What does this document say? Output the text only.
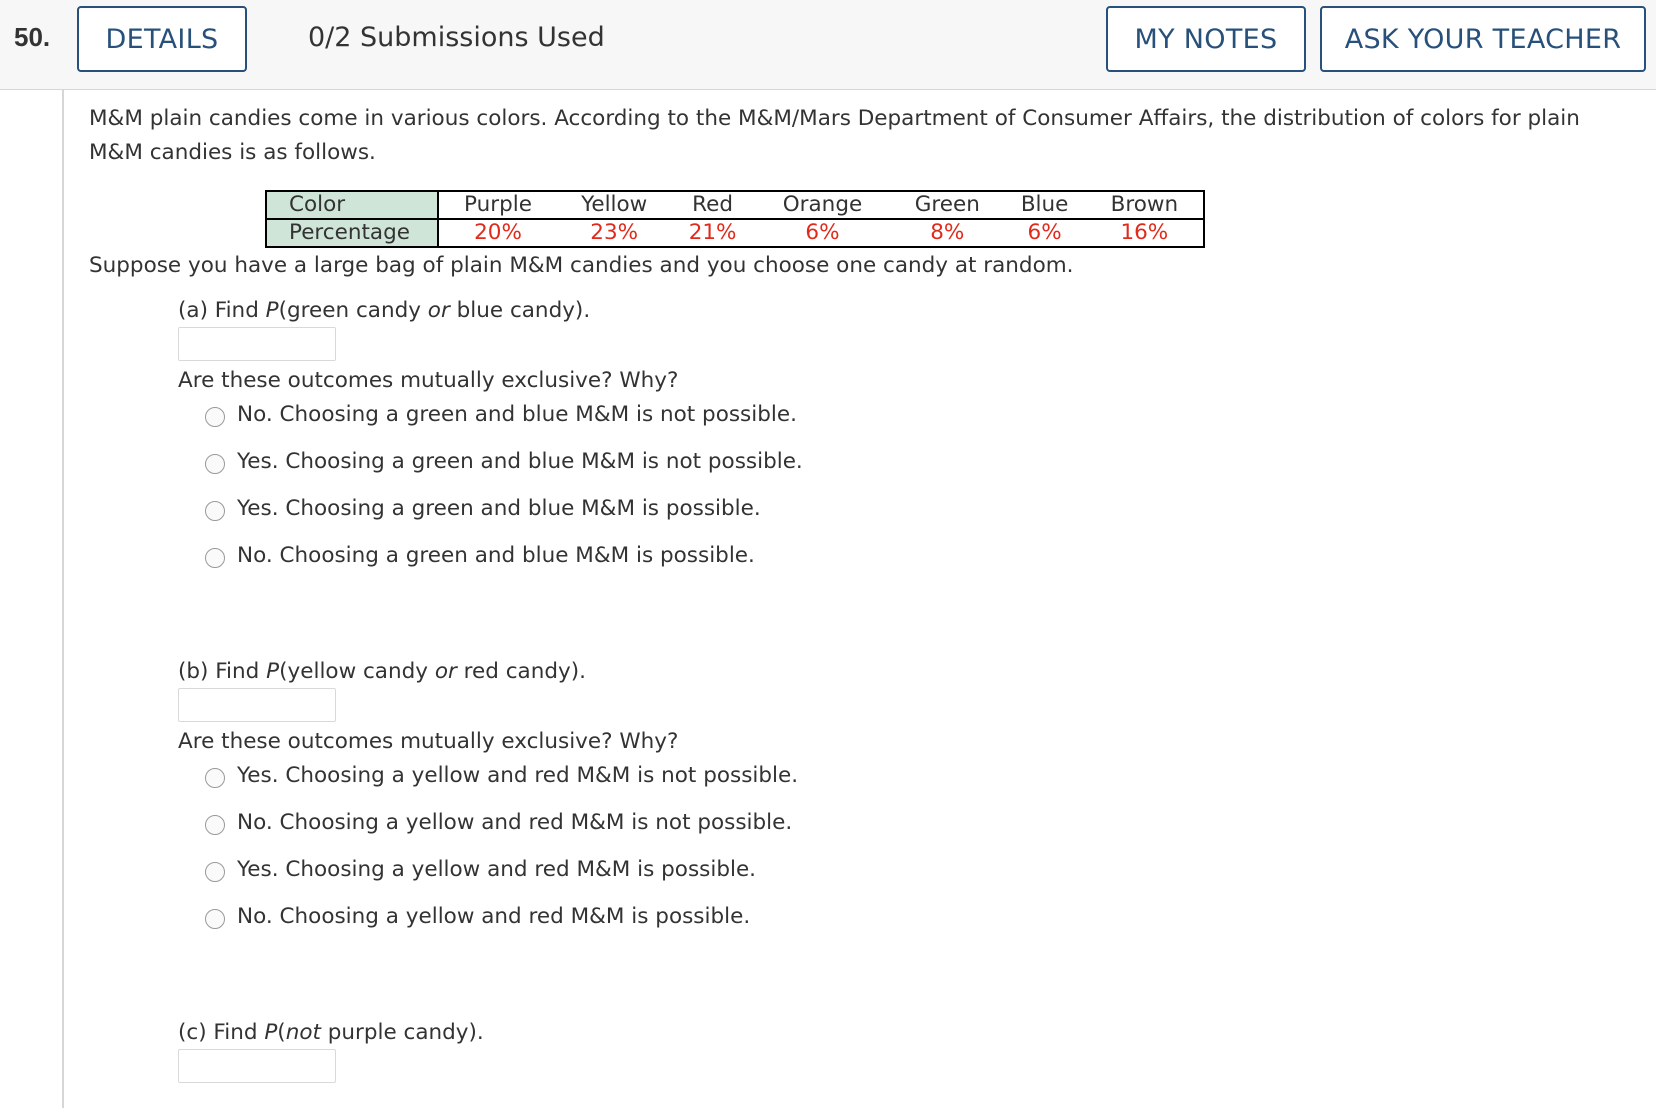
50.	DETAILS	0/2 Submissions Used	MY NOTES	ASK YOUR TEACHER
M&M plain candies come in various colors. According to the M&M/Mars Department of Consumer Affairs, the distribution of colors for plain M&M candies is as follows.
Color	Purple	Yellow	Red	Orange	Green	Blue	Brown
Percentage	20%	23%	21%	6%	8%	6%	16%
Suppose you have a large bag of plain M&M candies and you choose one candy at random.
(a) Find P(green candy or blue candy).
Are these outcomes mutually exclusive? Why?
No. Choosing a green and blue M&M is not possible.
Yes. Choosing a green and blue M&M is not possible.
Yes. Choosing a green and blue M&M is possible.
No. Choosing a green and blue M&M is possible.
(b) Find P(yellow candy or red candy).
Are these outcomes mutually exclusive? Why?
Yes. Choosing a yellow and red M&M is not possible.
No. Choosing a yellow and red M&M is not possible.
Yes. Choosing a yellow and red M&M is possible.
No. Choosing a yellow and red M&M is possible.
(c) Find P(not purple candy).
